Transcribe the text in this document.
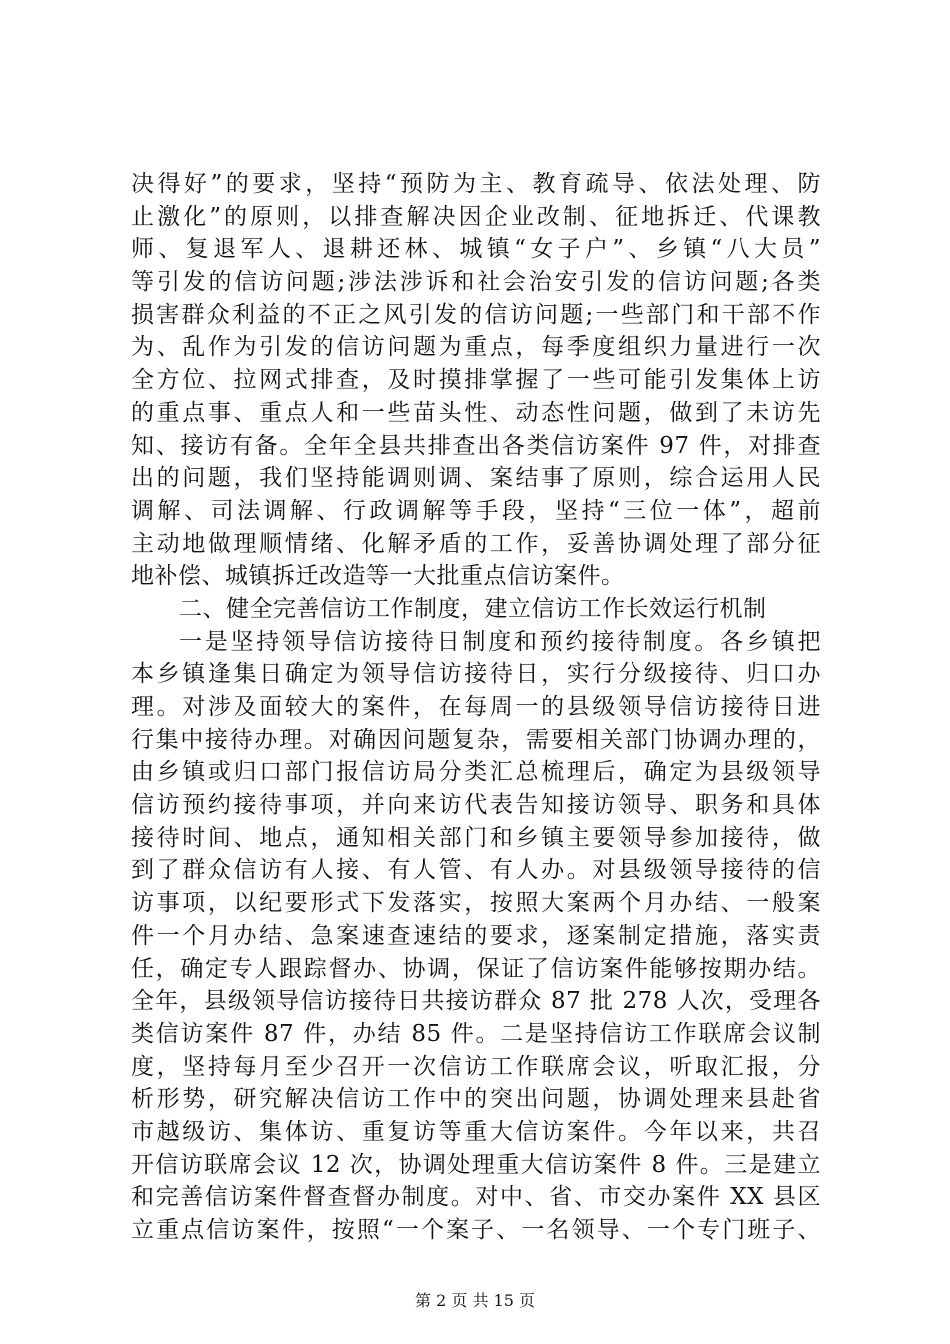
决得好”的要求，坚持“预防为主、教育疏导、依法处理、防
止激化”的原则，以排查解决因企业改制、征地拆迁、代课教
师、复退军人、退耕还林、城镇“女子户”、乡镇“八大员”
等引发的信访问题;涉法涉诉和社会治安引发的信访问题;各类
损害群众利益的不正之风引发的信访问题;一些部门和干部不作
为、乱作为引发的信访问题为重点，每季度组织力量进行一次
全方位、拉网式排查，及时摸排掌握了一些可能引发集体上访
的重点事、重点人和一些苗头性、动态性问题，做到了未访先
知、接访有备。全年全县共排查出各类信访案件 97 件，对排查
出的问题，我们坚持能调则调、案结事了原则，综合运用人民
调解、司法调解、行政调解等手段，坚持“三位一体”，超前
主动地做理顺情绪、化解矛盾的工作，妥善协调处理了部分征
地补偿、城镇拆迁改造等一大批重点信访案件。
二、健全完善信访工作制度，建立信访工作长效运行机制
一是坚持领导信访接待日制度和预约接待制度。各乡镇把
本乡镇逢集日确定为领导信访接待日，实行分级接待、归口办
理。对涉及面较大的案件，在每周一的县级领导信访接待日进
行集中接待办理。对确因问题复杂，需要相关部门协调办理的，
由乡镇或归口部门报信访局分类汇总梳理后，确定为县级领导
信访预约接待事项，并向来访代表告知接访领导、职务和具体
接待时间、地点，通知相关部门和乡镇主要领导参加接待，做
到了群众信访有人接、有人管、有人办。对县级领导接待的信
访事项，以纪要形式下发落实，按照大案两个月办结、一般案
件一个月办结、急案速查速结的要求，逐案制定措施，落实责
任，确定专人跟踪督办、协调，保证了信访案件能够按期办结。
全年，县级领导信访接待日共接访群众 87 批 278 人次，受理各
类信访案件 87 件，办结 85 件。二是坚持信访工作联席会议制
度，坚持每月至少召开一次信访工作联席会议，听取汇报，分
析形势，研究解决信访工作中的突出问题，协调处理来县赴省
市越级访、集体访、重复访等重大信访案件。今年以来，共召
开信访联席会议 12 次，协调处理重大信访案件 8 件。三是建立
和完善信访案件督查督办制度。对中、省、市交办案件 XX 县区
立重点信访案件，按照“一个案子、一名领导、一个专门班子、
第 2 页 共 15 页
